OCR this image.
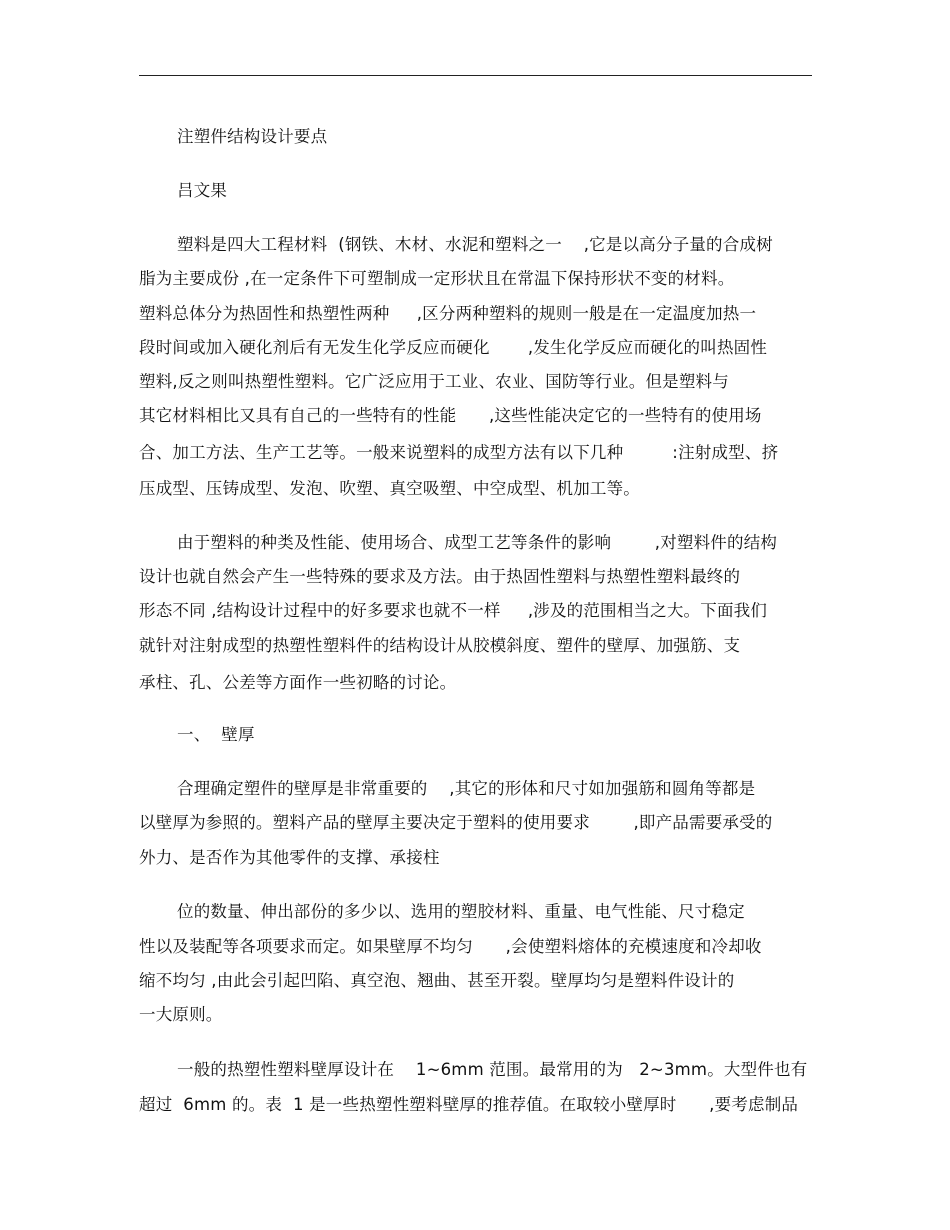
注塑件结构设计要点
吕文果
塑料是四大工程材料  (钢铁、木材、水泥和塑料之一    ,它是以高分子量的合成树
脂为主要成份 ,在一定条件下可塑制成一定形状且在常温下保持形状不变的材料。
塑料总体分为热固性和热塑性两种     ,区分两种塑料的规则一般是在一定温度加热一
段时间或加入硬化剂后有无发生化学反应而硬化       ,发生化学反应而硬化的叫热固性
塑料,反之则叫热塑性塑料。它广泛应用于工业、农业、国防等行业。但是塑料与
其它材料相比又具有自己的一些特有的性能      ,这些性能决定它的一些特有的使用场
合、加工方法、生产工艺等。一般来说塑料的成型方法有以下几种         :注射成型、挤
压成型、压铸成型、发泡、吹塑、真空吸塑、中空成型、机加工等。
由于塑料的种类及性能、使用场合、成型工艺等条件的影响        ,对塑料件的结构
设计也就自然会产生一些特殊的要求及方法。由于热固性塑料与热塑性塑料最终的
形态不同 ,结构设计过程中的好多要求也就不一样     ,涉及的范围相当之大。下面我们
就针对注射成型的热塑性塑料件的结构设计从胶模斜度、塑件的壁厚、加强筋、支
承柱、孔、公差等方面作一些初略的讨论。
一、  壁厚
合理确定塑件的壁厚是非常重要的    ,其它的形体和尺寸如加强筋和圆角等都是
以壁厚为参照的。塑料产品的壁厚主要决定于塑料的使用要求        ,即产品需要承受的
外力、是否作为其他零件的支撑、承接柱
位的数量、伸出部份的多少以、选用的塑胶材料、重量、电气性能、尺寸稳定
性以及装配等各项要求而定。如果壁厚不均匀      ,会使塑料熔体的充模速度和冷却收
缩不均匀 ,由此会引起凹陷、真空泡、翘曲、甚至开裂。壁厚均匀是塑料件设计的
一大原则。
一般的热塑性塑料壁厚设计在    1~6mm 范围。最常用的为   2~3mm。大型件也有
超过  6mm 的。表  1 是一些热塑性塑料壁厚的推荐值。在取较小壁厚时      ,要考虑制品
